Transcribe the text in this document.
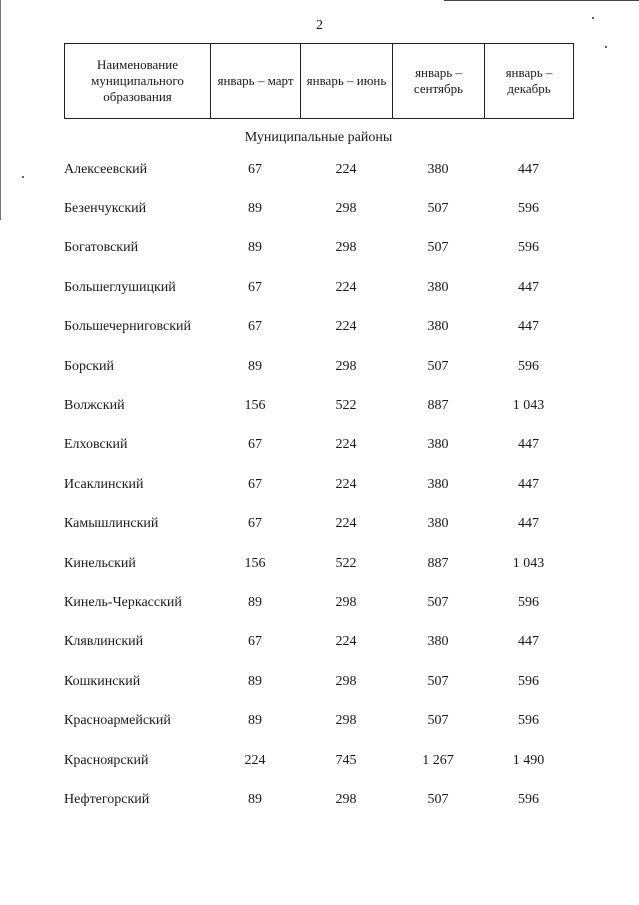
2
Наименование муниципального образования	январь – март	январь – июнь	январь – сентябрь	январь – декабрь
Муниципальные районы
Алексеевский	67	224	380	447
Безенчукский	89	298	507	596
Богатовский	89	298	507	596
Большеглушицкий	67	224	380	447
Большечерниговский	67	224	380	447
Борский	89	298	507	596
Волжский	156	522	887	1 043
Елховский	67	224	380	447
Исаклинский	67	224	380	447
Камышлинский	67	224	380	447
Кинельский	156	522	887	1 043
Кинель-Черкасский	89	298	507	596
Клявлинский	67	224	380	447
Кошкинский	89	298	507	596
Красноармейский	89	298	507	596
Красноярский	224	745	1 267	1 490
Нефтегорский	89	298	507	596
